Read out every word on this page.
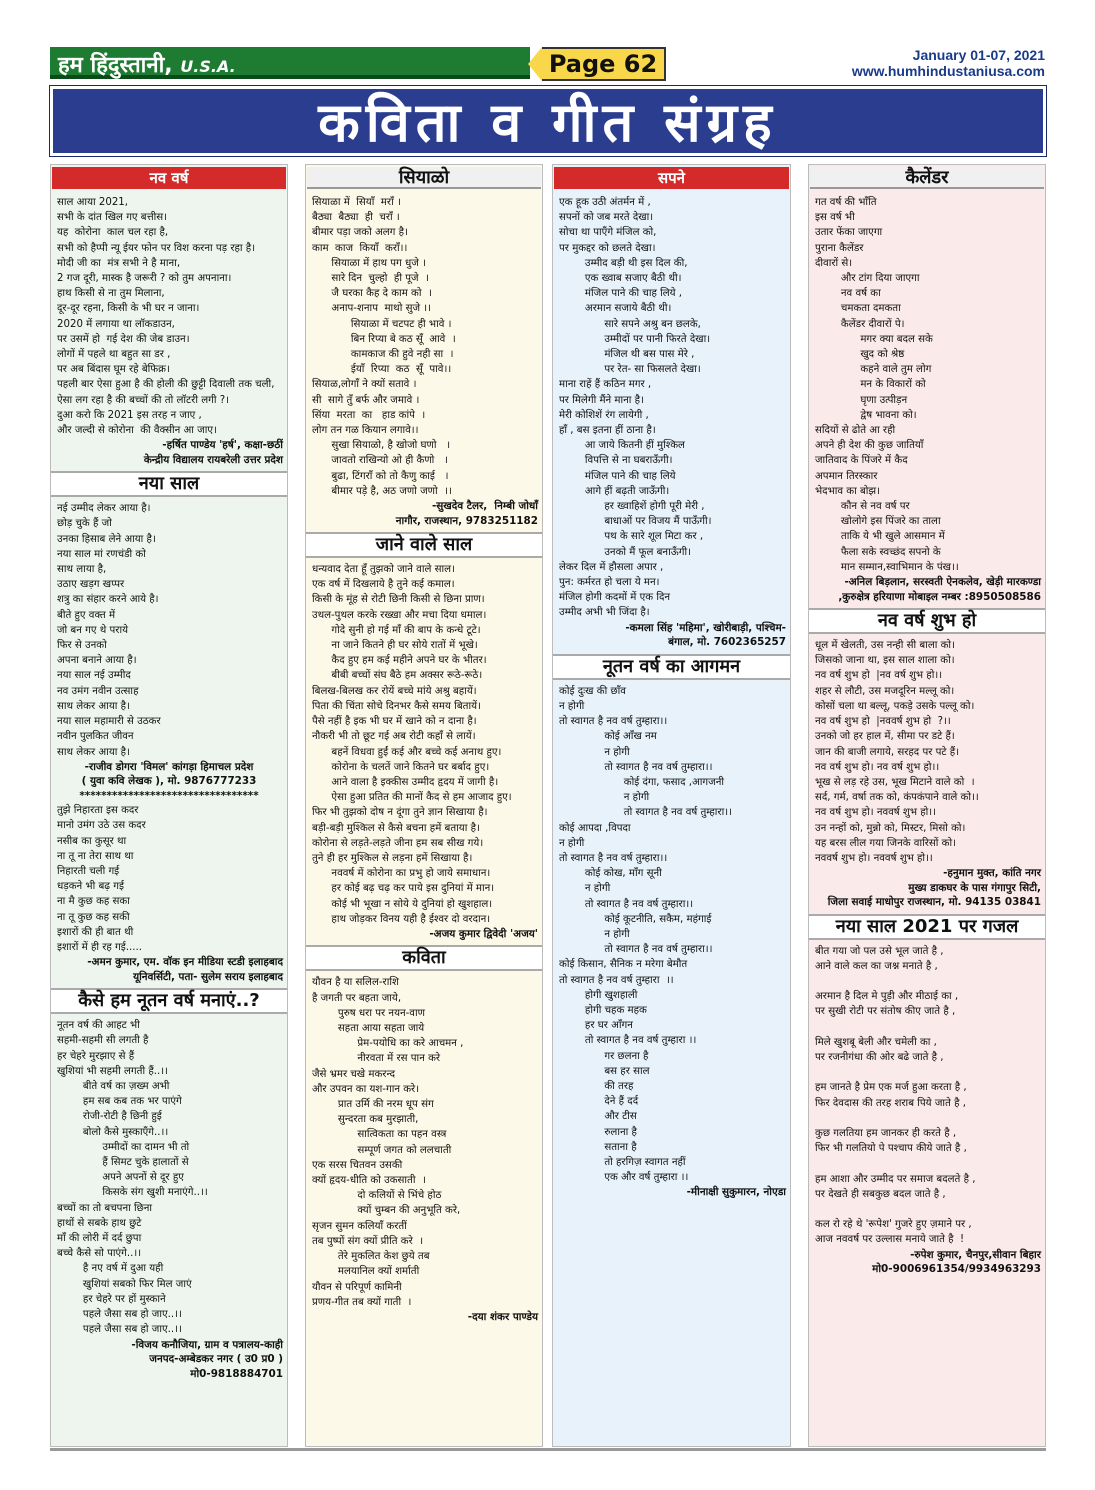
हम हिंदुस्तानी, U.S.A.	Page 62	January 01-07, 2021
www.humhindustaniusa.com
कविता व गीत संग्रह
नव वर्ष
साल आया 2021,
सभी के दांत खिल गए बत्तीस।
यह  कोरोना  काल चल रहा है,
सभी को हैप्पी न्यू ईयर फोन पर विश करना पड़ रहा है।
मोदी जी का  मंत्र सभी ने है माना,
2 गज दूरी, मास्क है जरूरी ? को तुम अपनाना।
हाथ किसी से ना तुम मिलाना,
दूर-दूर रहना, किसी के भी घर न जाना।
2020 में लगाया था लॉकडाउन,
पर उसमें हो  गई देश की जेब डाउन।
लोगों में पहले था बहुत सा डर ,
पर अब बिंदास घूम रहे बेफिक्र।
पहली बार ऐसा हुआ है की होली की छुट्टी दिवाली तक चली,
ऐसा लग रहा है की बच्चों की तो लॉटरी लगी ?।
दुआ करो कि 2021 इस तरह न जाए ,
और जल्दी से कोरोना  की वैक्सीन आ जाए।
-हर्षित पाण्डेय 'हर्ष', कक्षा-छठीं
केन्द्रीय विद्यालय रायबरेली उत्तर प्रदेश
नया साल
नई उम्मीद लेकर आया है।
छोड़ चुके हैं जो
उनका हिसाब लेने आया है।
नया साल मां रणचंडी को
साथ लाया है,
उठाए खड़ग खप्पर
शत्रु का संहार करने आये है।
बीते हुए वक्त में
जो बन गए थे पराये
फिर से उनको
अपना बनाने आया है।
नया साल नई उम्मीद
नव उमंग नवीन उत्साह
साथ लेकर आया है।
नया साल महामारी से उठकर
नवीन पुलकित जीवन
साथ लेकर आया है।
-राजीव डोगरा 'विमल' कांगड़ा हिमाचल प्रदेश
( युवा कवि लेखक ), मो. 9876777233
*********************************
तुझे निहारता इस कदर
मानो उमंग उठे उस कदर
नसीब का कुसूर था
ना तू ना तेरा साथ था
निहारती चली गई
धड़कने भी बढ़ गई
ना मै कुछ कह सका
ना तू कुछ कह सकी
इशारों की ही बात थी
इशारों में ही रह गई.....
-अमन कुमार, एम. वॉक इन मीडिया स्टडी इलाहबाद
यूनिवर्सिटी, पता- सुलेम सराय इलाहबाद
कैसे हम नूतन वर्ष मनाएं..?
नूतन वर्ष की आहट भी
सहमी-सहमी सी लगती है
हर चेहरे मुरझाए से हैं
खुशियां भी सहमी लगती हैं..।।
बीते वर्ष का ज़ख्म अभी
हम सब कब तक भर पाएंगे
रोजी-रोटी है छिनी हुई
बोलो कैसे मुस्काएँगे..।।
उम्मीदों का दामन भी तो
हैं सिमट चुके हालातों से
अपने अपनों से दूर हुए
किसके संग खुशी मनाएंगे..।।
बच्चों का तो बचपना छिना
हाथों से सबके हाथ छुटे
माँ की लोरी में दर्द छुपा
बच्चे कैसे सो पाएंगे..।।
है नए वर्ष में दुआ यही
खुशियां सबको फिर मिल जाएं
हर चेहरे पर हों मुस्काने
पहले जैसा सब हो जाए..।।
पहले जैसा सब हो जाए..।।
-विजय कनौजिया, ग्राम व पत्रालय-काही
जनपद-अम्बेडकर नगर ( उ0 प्र0 )
मो0-9818884701
सियाळो
सियाळा में  सियाँ  मराँ ।
बैठ्या  बैठ्या  ही  चराँ ।
बीमार पड़ा जको अलग है।
काम  काज  कियाँ  कराँ।।
सियाळा में हाथ पग धुजे ।
सारे दिन  चुल्हो  ही पूजे  ।
जै घरका कैह दे काम को  ।
अनाप-शनाप  माथो सुजे ।।
सियाळा में चटपट ही भावे ।
बिन रिप्या बे कठ सूँ  आवे  ।
कामकाज की हुवे नही सा  ।
ईयाँ  रिप्या  कठ  सूँ  पावे।।
सियाळ,लोगाँ ने क्यों सतावे ।
सी  सागे तुँ बर्फ और जमावे ।
सिंया  मरता  का   हाड कांपे  ।
लोग तन गळ कियान लगावे।।
सुखा सियाळो, है खोजो घणो   ।
जावतो राखिन्यो ओ ही कैणो   ।
बुढा, टिंगराँ को तो कैणु काई   ।
बीमार पड़े है, अठ जणो जणो  ।।
-सुखदेव टैलर,  निम्बी जोधाँ
नागौर, राजस्थान, 9783251182
जाने वाले साल
धन्यवाद देता हूँ तुझको जाने वाले साल।
एक वर्ष में दिखलाये है तुने कई कमाल।
किसी के मूंह से रोटी छिनी किसी से छिना प्राण।
उथल-पुथल करके रख्खा और मचा दिया धमाल।
गोदे सुनी हो गई माँ की बाप के कन्धे टूटे।
ना जाने कितने ही घर सोये रातों में भूखे।
कैद हुए हम कई महीने अपने घर के भीतर।
बीबी बच्चों संघ बैठे हम अक्सर रूठे-रूठे।
बिलख-बिलख कर रोयें बच्चे मांये अश्रु बहायें।
पिता की चिंता सोचे दिनभर कैसे समय बितायें।
पैसे नहीं है इक भी घर में खाने को न दाना है।
नौकरी भी तो छूट गई अब रोटी कहाँ से लायें।
बहनें विधवा हुईं कई और बच्चे कई अनाथ हुए।
कोरोना के चलतें जाने कितने घर बर्बाद हुए।
आने वाला है इक्कीस उम्मीद हृदय में जागी है।
ऐसा हुआ प्रतित की मानों कैद से हम आजाद हुए।
फिर भी तुझको दोष न दूंगा तुने ज्ञान सिखाया है।
बड़ी-बड़ी मुश्किल से कैसे बचना हमें बताया है।
कोरोना से लड़ते-लड़ते जीना हम सब सीख गये।
तुने ही हर मुश्किल से लड़ना हमें सिखाया है।
नववर्ष में कोरोना का प्रभु हो जाये समाधान।
हर कोई बढ़ चढ़ कर पाये इस दुनियां में मान।
कोई भी भूखा न सोये ये दुनियां हो खुशहाल।
हाथ जोड़कर विनय यही है ईश्वर दो वरदान।
-अजय कुमार द्विवेदी 'अजय'
कविता
यौवन है या सलिल-राशि
है जगती पर बहता जाये,
पुरुष धरा पर नयन-वाण
सहता आया सहता जाये
प्रेम-पयोधि का करे आचमन ,
नीरवता में रस पान करे
जैसे भ्रमर चखे मकरन्द
और उपवन का यश-गान करे।
प्रात उर्मि की नरम धूप संग
सुन्दरता कब मुरझाती,
सात्विकता का पहन वस्त्र
सम्पूर्ण जगत को ललचाती
एक सरस चितवन उसकी
क्यों हृदय-धीति को उकसाती  ।
दो कलियों से भिंचे होठ
क्यों चुम्बन की अनुभूति करे,
सृजन सुमन कलियाँ करतीं
तब पुष्पों संग क्यों प्रीति करे  ।
तेरे मुकलित केश छुये तब
मलयानिल क्यों शर्माती
यौवन से परिपूर्ण कामिनी
प्रणय-गीत तब क्यों गाती  ।
-दया शंकर पाण्डेय
सपने
एक हूक उठी अंतर्मन में ,
सपनों को जब मरते देखा।
सोचा था पाएँगे मंजिल को,
पर मुकद्दर को छलते देखा।
उम्मीद बड़ी थी इस दिल की,
एक ख्वाब सजाए बैठी थी।
मंजिल पाने की चाह लिये ,
अरमान सजाये बैठी थी।
सारे सपने अश्रु बन छलके,
उम्मीदों पर पानी फिरते देखा।
मंजिल थी बस पास मेरे ,
पर रेत- सा फिसलते देखा।
माना राहें हैं कठिन मगर ,
पर मिलेगी मैंने माना है।
मेरी कोशिशें रंग लायेगी ,
हाँ , बस इतना हीं ठाना है।
आ जाये कितनी हीं मुश्किल
विपत्ति से ना घबराऊँगी।
मंजिल पाने की चाह लिये
आगे हीं बढ़ती जाऊँगी।
हर ख्वाहिशें होगी पूरी मेरी ,
बाधाओं पर विजय मैं पाऊँगी।
पथ के सारे शूल मिटा कर ,
उनको मैं फूल बनाऊँगी।
लेकर दिल में हौसला अपार ,
पुन: कर्मरत हो चला ये मन।
मंजिल होगी कदमों में एक दिन
उम्मीद अभी भी जिंदा है।
-कमला सिंह 'महिमा', खोरीबाड़ी, पश्चिम-
बंगाल, मो. 7602365257
नूतन वर्ष का आगमन
कोई दुःख की छाँव
न होगी
तो स्वागत है नव वर्ष तुम्हारा।।
कोई आँख नम
न होगी
तो स्वागत है नव वर्ष तुम्हारा।।
कोई दंगा, फसाद ,आगजनी
न होगी
तो स्वागत है नव वर्ष तुम्हारा।।
कोई आपदा ,विपदा
न होगी
तो स्वागत है नव वर्ष तुम्हारा।।
कोई कोख, माँग सूनी
न होगी
तो स्वागत है नव वर्ष तुम्हारा।।
कोई कूटनीति, सकैम, महंगाई
न होगी
तो स्वागत है नव वर्ष तुम्हारा।।
कोई किसान, सैनिक न मरेगा बेमौत
तो स्वागत है नव वर्ष तुम्हारा  ।।
होगी खुशहाली
होगी चहक महक
हर घर आँगन
तो स्वागत है नव वर्ष तुम्हारा ।।
गर छलना है
बस हर साल
की तरह
देने हैं दर्द
और टीस
रुलाना है
सताना है
तो हरगिज़ स्वागत नहीं
एक और वर्ष तुम्हारा ।।
-मीनाक्षी सुकुमारन, नोएडा
कैलेंडर
गत वर्ष की भाँति
इस वर्ष भी
उतार फेंका जाएगा
पुराना कैलेंडर
दीवारों से।
और टांग दिया जाएगा
नव वर्ष का
चमकता दमकता
कैलेंडर दीवारों पे।
मगर क्या बदल सके
खुद को श्रेष्ठ
कहने वाले तुम लोग
मन के विकारों को
घृणा उत्पीड़न
द्वेष भावना को।
सदियों से ढोते आ रही
अपने ही देश की कुछ जातियाँ
जातिवाद के पिंजरे में कैद
अपमान तिरस्कार
भेदभाव का बोझ।
कौन से नव वर्ष पर
खोलोगे इस पिंजरे का ताला
ताकि ये भी खुले आसमान में
फैला सके स्वच्छंद सपनो के
मान सम्मान,स्वाभिमान के पंख।।
-अनिल बिड़लान, सरस्वती ऐनकलेव, खेड़ी मारकण्डा
,कुरुक्षेत्र हरियाणा मोबाइल नम्बर :8950508586
नव वर्ष शुभ हो
धूल में खेलती, उस नन्ही सी बाला को।
जिसको जाना था, इस साल शाला को।
नव वर्ष शुभ हो  |नव वर्ष शुभ हो।।
शहर से लौटी, उस मजदूरिन मल्लू को।
कोसों चला था बल्लू, पकड़े उसके पल्लू को।
नव वर्ष शुभ हो  |नववर्ष शुभ हो  ?।।
उनको जो हर हाल में, सीमा पर डटे हैं।
जान की बाजी लगाये, सरहद पर पटे हैं।
नव वर्ष शुभ हो। नव वर्ष शुभ हो।।
भूख से लड़ रहे उस, भूख मिटाने वाले को  ।
सर्द, गर्म, वर्षा तक को, कंपकंपाने वाले को।।
नव वर्ष शुभ हो। नववर्ष शुभ हो।।
उन नन्हों को, मुन्नो को, मिस्टर, मिसो को।
यह बरस लील गया जिनके वारिसों को।
नववर्ष शुभ हो। नववर्ष शुभ हो।।
-हनुमान मुक्त, कांति नगर
मुख्य डाकघर के पास गंगापुर सिटी,
जिला सवाई माधोपुर राजस्थान, मो. 94135 03841
नया साल 2021 पर गजल
बीत गया जो पल उसे भूल जाते है ,
आने वाले कल का जश्न मनाते है ,

अरमान है दिल मे पुड़ी और मीठाई का ,
पर सुखी रोटी पर संतोष कीए जाते है ,

मिले खुशबू बेली और चमेली का ,
पर रजनीगंधा की ओर बढे जाते है ,

हम जानते है प्रेम एक मर्ज हुआ करता है ,
फिर देवदास की तरह शराब पिये जाते है ,

कुछ गलतिया हम जानकर ही करते है ,
फिर भी गलतियो पे पश्चाप कीये जाते है ,

हम आशा और उम्मीद पर समाज बदलते है ,
पर देखते ही सबकुछ बदल जाते है ,

कल रो रहे थे 'रूपेश' गुजरे हुए ज़माने पर ,
आज नववर्ष पर उल्लास मनाये जाते है  !
-रुपेश कुमार, चैनपुर,सीवान बिहार
मो0-9006961354/9934963293
